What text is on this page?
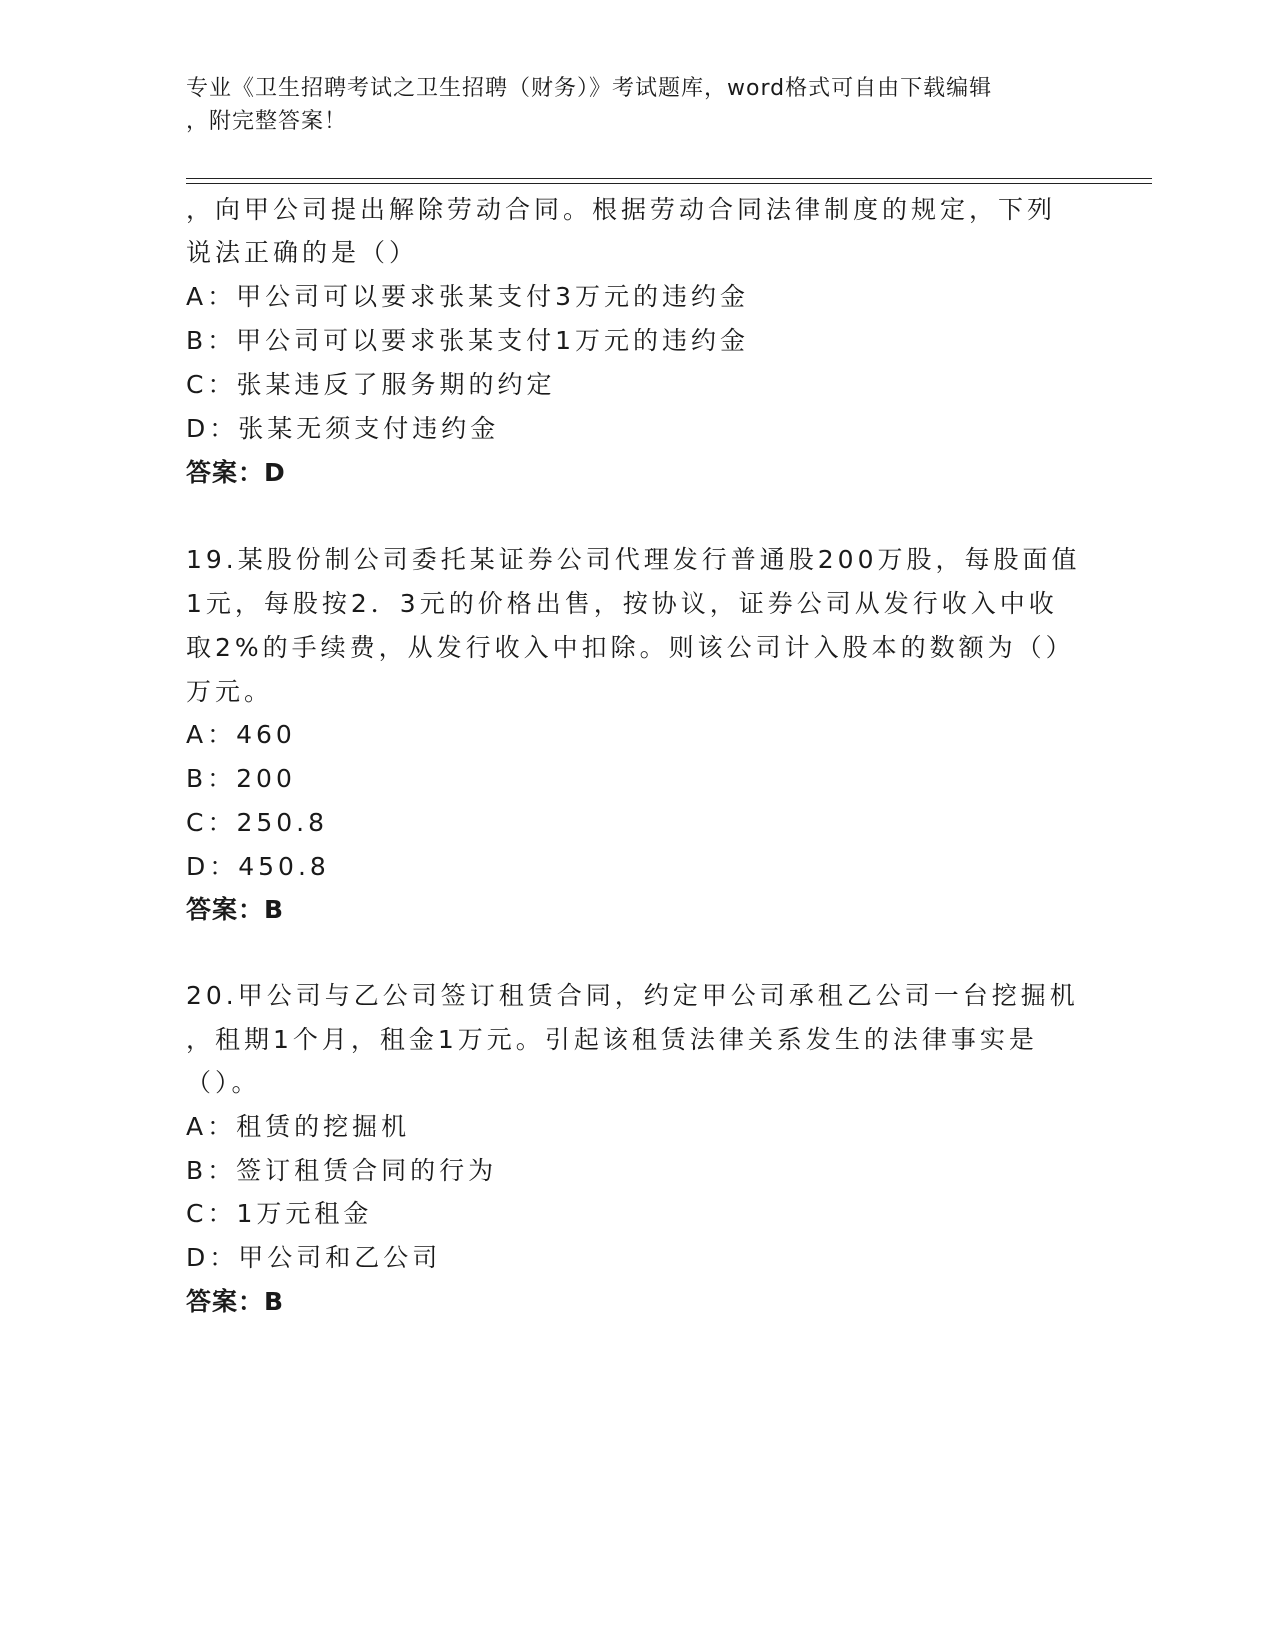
专业《卫生招聘考试之卫生招聘（财务）》考试题库，word格式可自由下载编辑
，附完整答案！
，向甲公司提出解除劳动合同。根据劳动合同法律制度的规定，下列
说法正确的是（）
A：甲公司可以要求张某支付3万元的违约金
B：甲公司可以要求张某支付1万元的违约金
C：张某违反了服务期的约定
D：张某无须支付违约金
答案：D
19.某股份制公司委托某证券公司代理发行普通股200万股，每股面值
1元，每股按2．3元的价格出售，按协议，证券公司从发行收入中收
取2%的手续费，从发行收入中扣除。则该公司计入股本的数额为（）
万元。
A：460
B：200
C：250.8
D：450.8
答案：B
20.甲公司与乙公司签订租赁合同，约定甲公司承租乙公司一台挖掘机
，租期1个月，租金1万元。引起该租赁法律关系发生的法律事实是
（）。
A：租赁的挖掘机
B：签订租赁合同的行为
C：1万元租金
D：甲公司和乙公司
答案：B
